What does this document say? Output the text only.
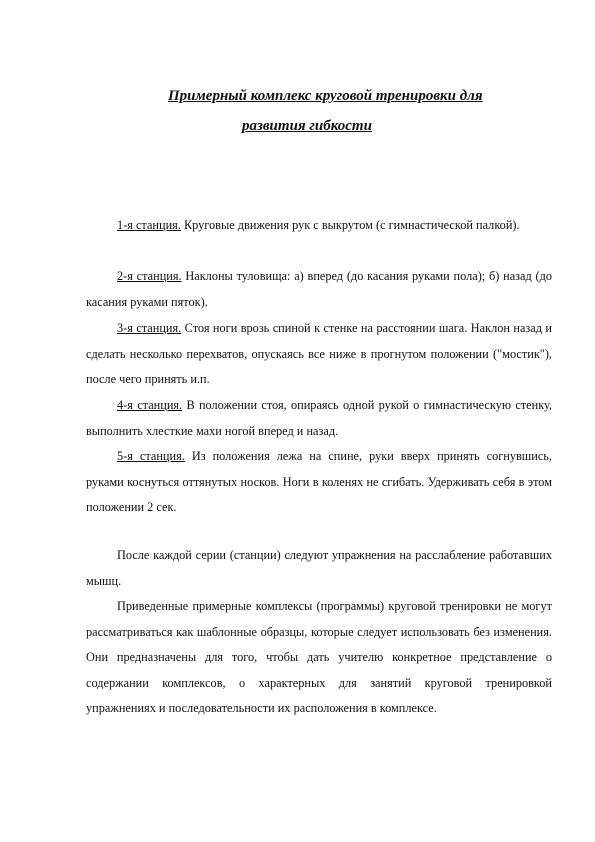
Примерный комплекс круговой тренировки для
развития гибкости

1-я станция. Круговые движения рук с выкрутом (с гимнастической палкой).

2-я станция. Наклоны туловища: а) вперед (до касания руками пола); б) назад (до касания руками пяток).

3-я станция. Стоя ноги врозь спиной к стенке на расстоянии шага. Наклон назад и сделать несколько перехватов, опускаясь все ниже в прогнутом положении ("мостик"), после чего принять и.п.

4-я станция. В положении стоя, опираясь одной рукой о гимнастическую стенку, выполнить хлесткие махи ногой вперед и назад.

5-я станция. Из положения лежа на спине, руки вверх принять согнувшись, руками коснуться оттянутых носков. Ноги в коленях не сгибать. Удерживать себя в этом положении 2 сек.

После каждой серии (станции) следуют упражнения на расслабление работавших мышц.

Приведенные примерные комплексы (программы) круговой тренировки не могут рассматриваться как шаблонные образцы, которые следует использовать без изменения. Они предназначены для того, чтобы дать учителю конкретное представление о содержании комплексов, о характерных для занятий круговой тренировкой упражнениях и последовательности их расположения в комплексе.
